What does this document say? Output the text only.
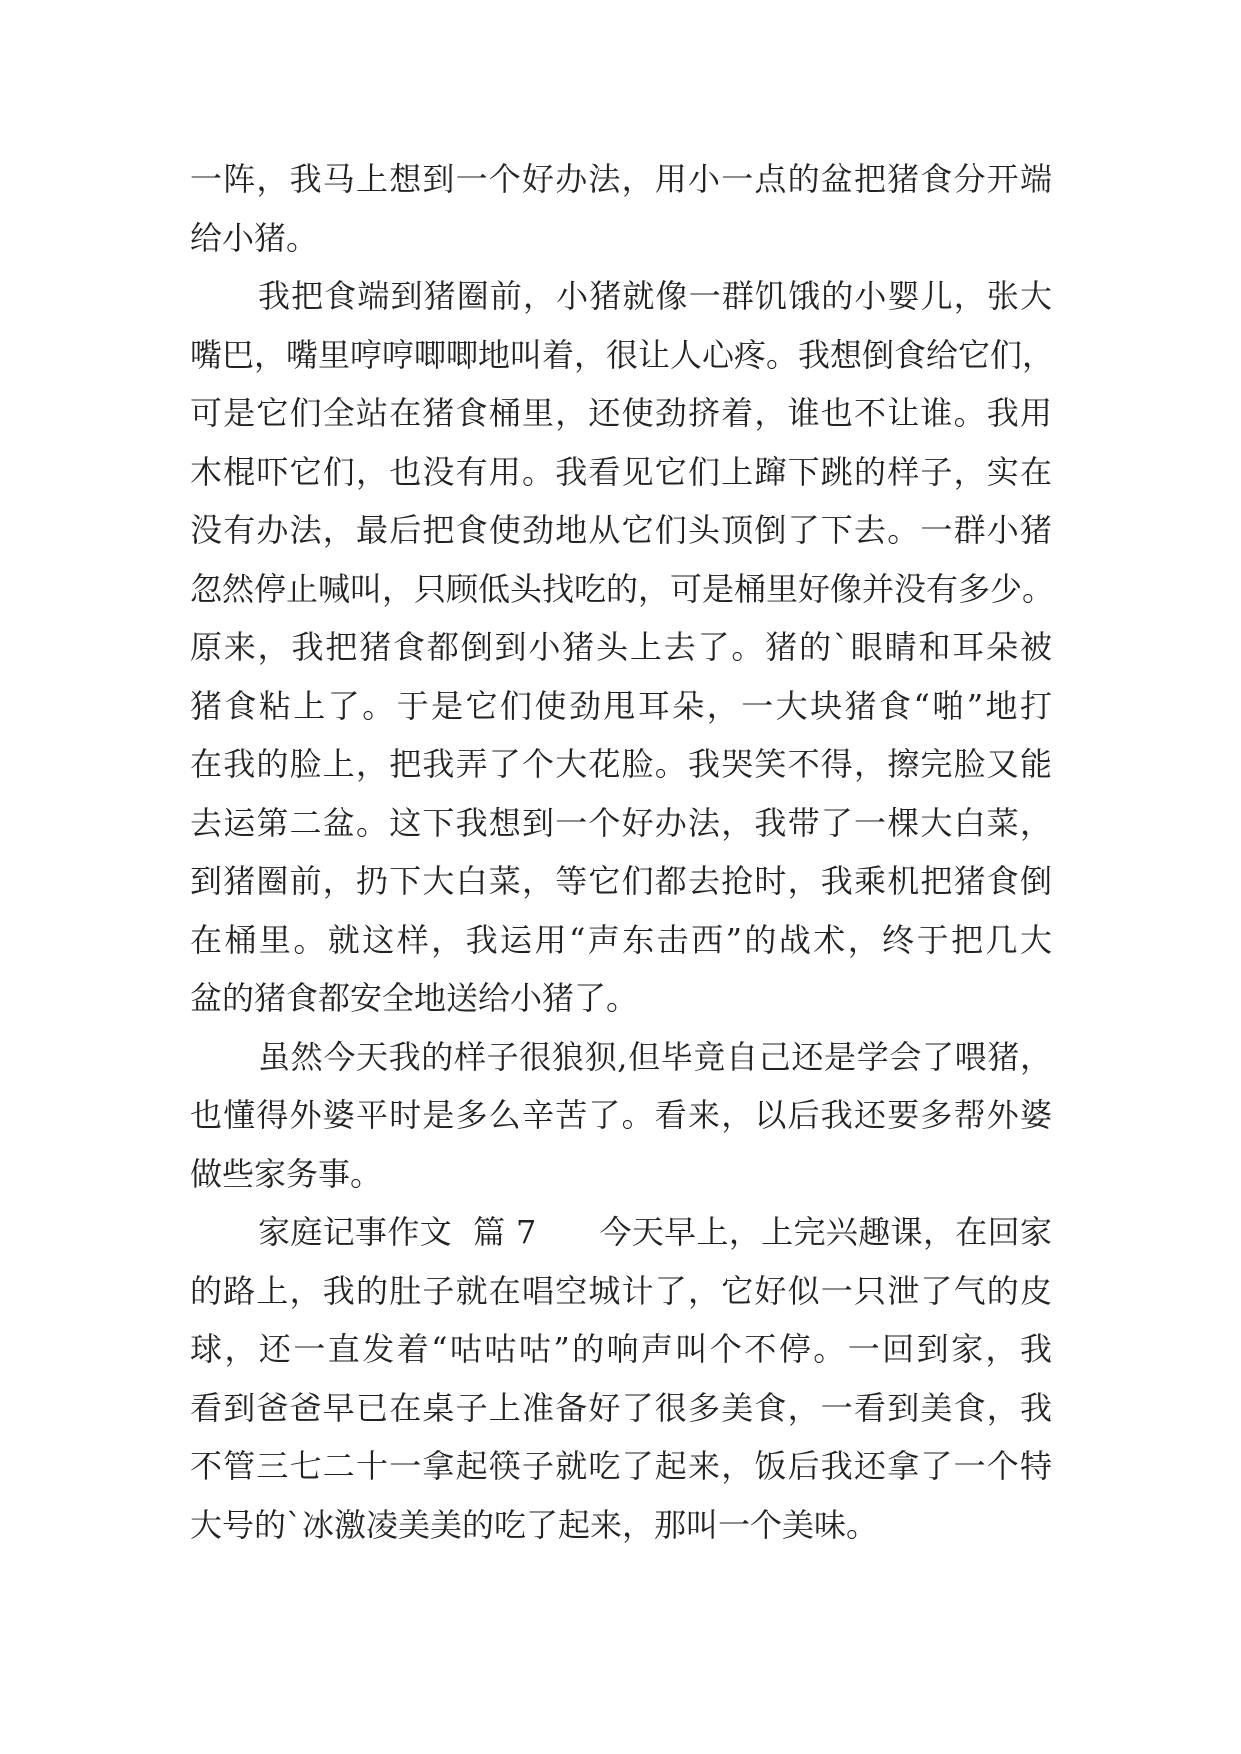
一阵，我马上想到一个好办法，用小一点的盆把猪食分开端
给小猪。
我把食端到猪圈前，小猪就像一群饥饿的小婴儿，张大
嘴巴，嘴里哼哼唧唧地叫着，很让人心疼。我想倒食给它们，
可是它们全站在猪食桶里，还使劲挤着，谁也不让谁。我用
木棍吓它们，也没有用。我看见它们上蹿下跳的样子，实在
没有办法，最后把食使劲地从它们头顶倒了下去。一群小猪
忽然停止喊叫，只顾低头找吃的，可是桶里好像并没有多少。
原来，我把猪食都倒到小猪头上去了。猪的`眼睛和耳朵被
猪食粘上了。于是它们使劲甩耳朵，一大块猪食“啪”地打
在我的脸上，把我弄了个大花脸。我哭笑不得，擦完脸又能
去运第二盆。这下我想到一个好办法，我带了一棵大白菜，
到猪圈前，扔下大白菜，等它们都去抢时，我乘机把猪食倒
在桶里。就这样，我运用“声东击西”的战术，终于把几大
盆的猪食都安全地送给小猪了。
虽然今天我的样子很狼狈,但毕竟自己还是学会了喂猪，
也懂得外婆平时是多么辛苦了。看来，以后我还要多帮外婆
做些家务事。
家庭记事作文  篇 7      今天早上，上完兴趣课，在回家
的路上，我的肚子就在唱空城计了，它好似一只泄了气的皮
球，还一直发着“咕咕咕”的响声叫个不停。一回到家，我
看到爸爸早已在桌子上准备好了很多美食，一看到美食，我
不管三七二十一拿起筷子就吃了起来，饭后我还拿了一个特
大号的`冰激凌美美的吃了起来，那叫一个美味。
